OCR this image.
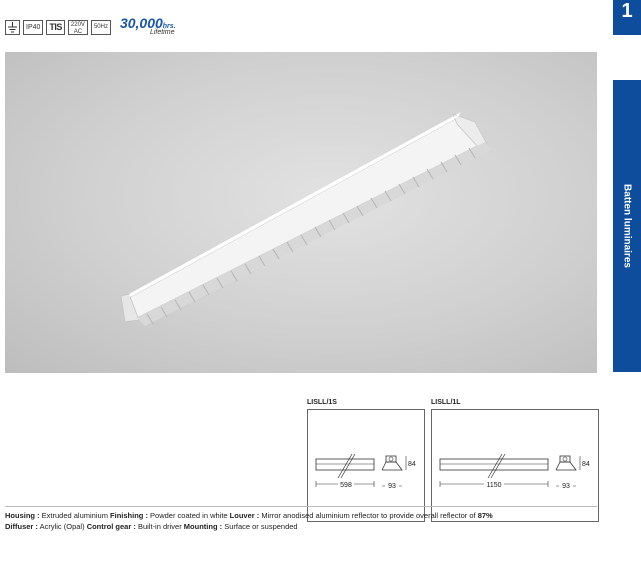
IP40	TIS	220V
AC
50Hz 30,000hrs.
Lifetime
1
Batten luminaires
LISLL/1S
598
84
93
LISLL/1L
1150
84
93
Housing : Extruded aluminium Finishing : Powder coated in white Louver : Mirror anodised aluminium reflector to provide overall reflector of 87%
Diffuser : Acrylic (Opal) Control gear : Built-in driver Mounting : Surface or suspended
